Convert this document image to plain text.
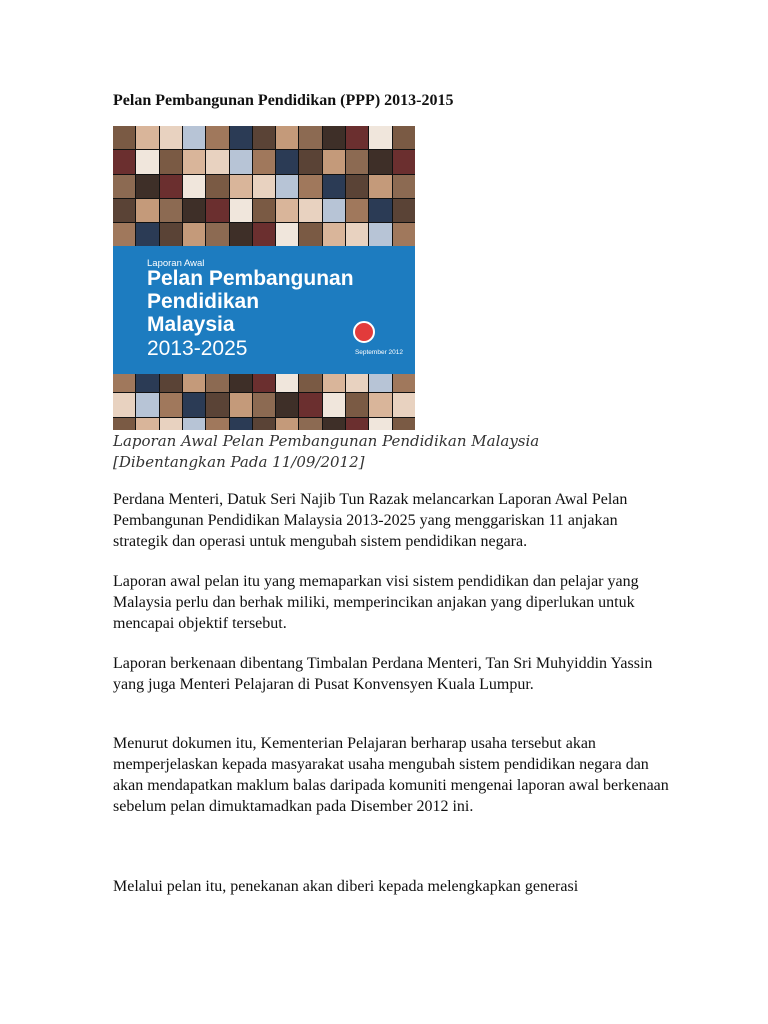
Pelan Pembangunan Pendidikan (PPP) 2013-2015
Laporan Awal
Pelan Pembangunan
Pendidikan
Malaysia
2013-2025	September 2012
Laporan Awal Pelan Pembangunan Pendidikan Malaysia
[Dibentangkan Pada 11/09/2012]

Perdana Menteri, Datuk Seri Najib Tun Razak melancarkan Laporan Awal Pelan Pembangunan Pendidikan Malaysia 2013-2025 yang menggariskan 11 anjakan strategik dan operasi untuk mengubah sistem pendidikan negara.

Laporan awal pelan itu yang memaparkan visi sistem pendidikan dan pelajar yang Malaysia perlu dan berhak miliki, memperincikan anjakan yang diperlukan untuk mencapai objektif tersebut.

Laporan berkenaan dibentang Timbalan Perdana Menteri, Tan Sri Muhyiddin Yassin yang juga Menteri Pelajaran di Pusat Konvensyen Kuala Lumpur.

Menurut dokumen itu, Kementerian Pelajaran berharap usaha tersebut akan memperjelaskan kepada masyarakat usaha mengubah sistem pendidikan negara dan akan mendapatkan maklum balas daripada komuniti mengenai laporan awal berkenaan sebelum pelan dimuktamadkan pada Disember 2012 ini.

Melalui pelan itu, penekanan akan diberi kepada melengkapkan generasi
